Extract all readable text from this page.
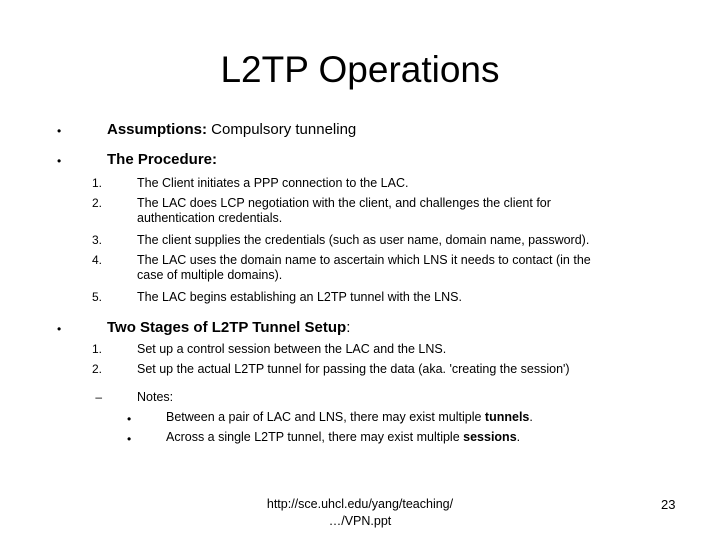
L2TP Operations
•	Assumptions: Compulsory tunneling
•	The Procedure:
1.	The Client initiates a PPP connection to the LAC.
2.	The LAC does LCP negotiation with the client, and challenges the client for
authentication credentials.
3.	The client supplies the credentials (such as user name, domain name, password).
4.	The LAC uses the domain name to ascertain which LNS it needs to contact (in the
case of multiple domains).
5.	The LAC begins establishing an L2TP tunnel with the LNS.
•	Two Stages of L2TP Tunnel Setup:
1.	Set up a control session between the LAC and the LNS.
2.	Set up the actual L2TP tunnel for passing the data (aka. 'creating the session')
–	Notes:
•	Between a pair of LAC and LNS, there may exist multiple tunnels.
•	Across a single L2TP tunnel, there may exist multiple sessions.
http://sce.uhcl.edu/yang/teaching/
…/VPN.ppt
23
